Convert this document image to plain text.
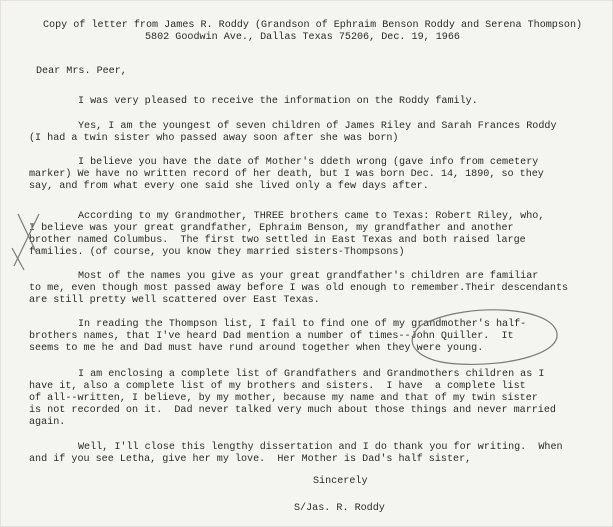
Copy of letter from James R. Roddy (Grandson of Ephraim Benson Roddy and Serena Thompson)
5802 Goodwin Ave., Dallas Texas 75206, Dec. 19, 1966
Dear Mrs. Peer,
I was very pleased to receive the information on the Roddy family.
Yes, I am the youngest of seven children of James Riley and Sarah Frances Roddy
(I had a twin sister who passed away soon after she was born)
I believe you have the date of Mother's ddeth wrong (gave info from cemetery
marker) We have no written record of her death, but I was born Dec. 14, 1890, so they
say, and from what every one said she lived only a few days after.
According to my Grandmother, THREE brothers came to Texas: Robert Riley, who,
I believe was your great grandfather, Ephraim Benson, my grandfather and another
brother named Columbus.  The first two settled in East Texas and both raised large
families. (of course, you know they married sisters-Thompsons)
Most of the names you give as your great grandfather's children are familiar
to me, even though most passed away before I was old enough to remember.Their descendants
are still pretty well scattered over East Texas.
In reading the Thompson list, I fail to find one of my grandmother's half-
brothers names, that I've heard Dad mention a number of times--John Quiller.  It
seems to me he and Dad must have rund around together when they were young.
I am enclosing a complete list of Grandfathers and Grandmothers children as I
have it, also a complete list of my brothers and sisters.  I have  a complete list
of all--written, I believe, by my mother, because my name and that of my twin sister
is not recorded on it.  Dad never talked very much about those things and never married
again.
Well, I'll close this lengthy dissertation and I do thank you for writing.  When
and if you see Letha, give her my love.  Her Mother is Dad's half sister,
Sincerely
S/Jas. R. Roddy
